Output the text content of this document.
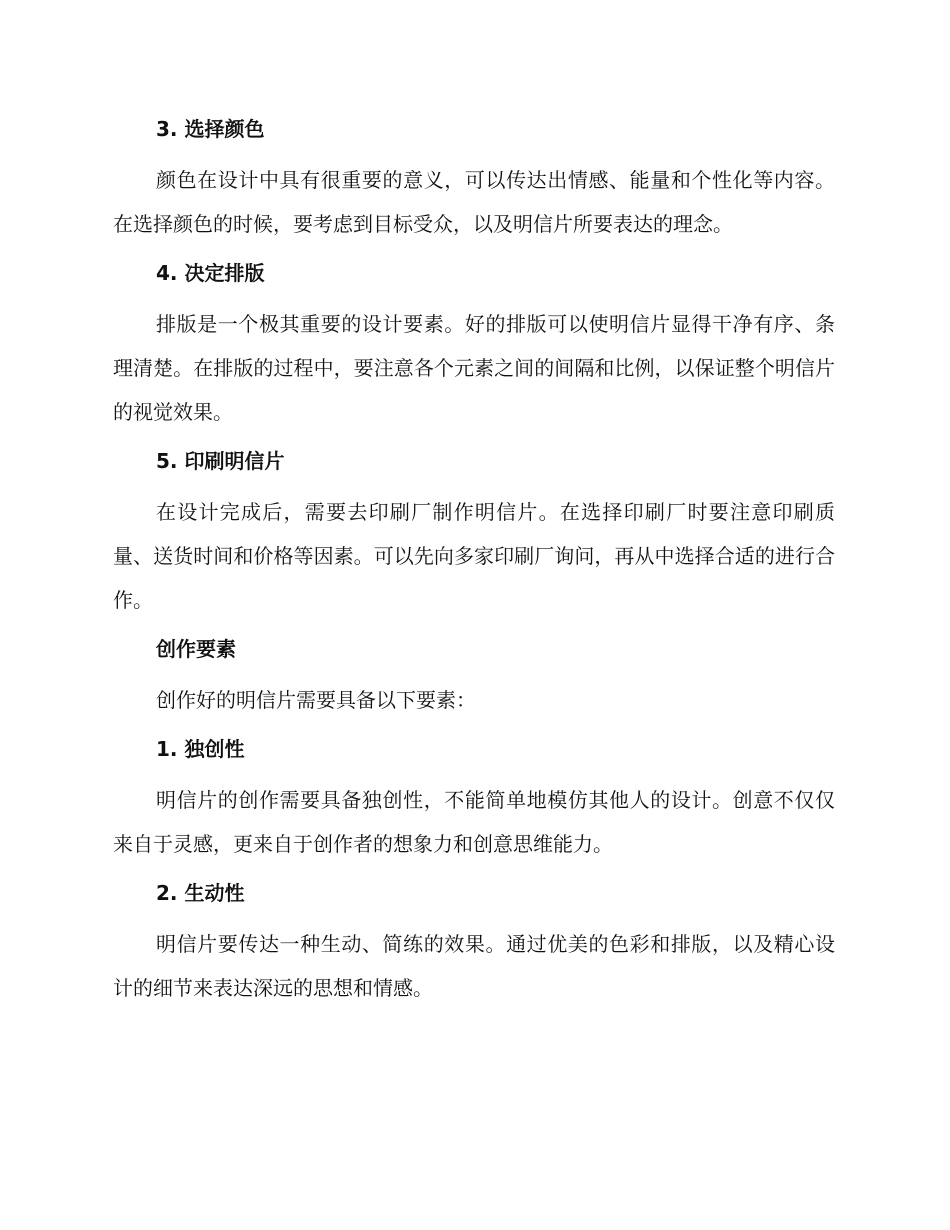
3. 选择颜色

颜色在设计中具有很重要的意义，可以传达出情感、能量和个性化等内容。在选择颜色的时候，要考虑到目标受众，以及明信片所要表达的理念。

4. 决定排版

排版是一个极其重要的设计要素。好的排版可以使明信片显得干净有序、条理清楚。在排版的过程中，要注意各个元素之间的间隔和比例，以保证整个明信片的视觉效果。

5. 印刷明信片

在设计完成后，需要去印刷厂制作明信片。在选择印刷厂时要注意印刷质量、送货时间和价格等因素。可以先向多家印刷厂询问，再从中选择合适的进行合作。

创作要素

创作好的明信片需要具备以下要素：

1. 独创性

明信片的创作需要具备独创性，不能简单地模仿其他人的设计。创意不仅仅来自于灵感，更来自于创作者的想象力和创意思维能力。

2. 生动性

明信片要传达一种生动、简练的效果。通过优美的色彩和排版，以及精心设计的细节来表达深远的思想和情感。
